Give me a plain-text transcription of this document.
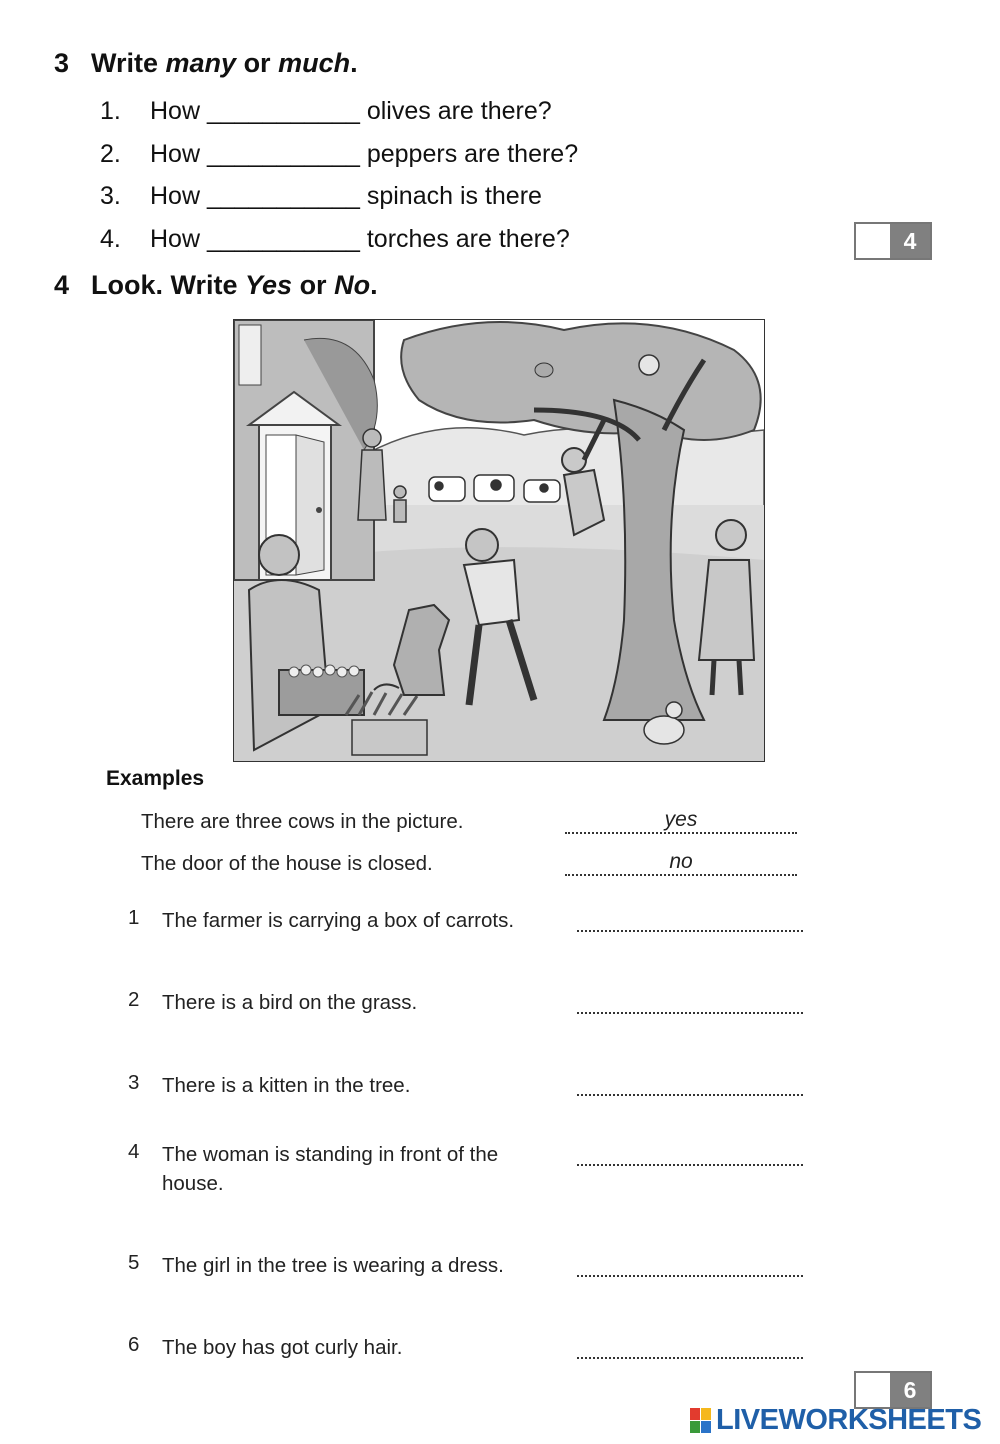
3 Write many or much.
1. How ___________ olives are there?
2. How ___________ peppers are there?
3. How ___________ spinach is there
4. How ___________ torches are there?	4
4 Look. Write Yes or No.
Examples
There are three cows in the picture.	yes
The door of the house is closed.	no
1	The farmer is carrying a box of carrots.
2	There is a bird on the grass.
3	There is a kitten in the tree.
4	The woman is standing in front of the house.
5	The girl in the tree is wearing a dress.
6	The boy has got curly hair.
6
LIVEWORKSHEETS
